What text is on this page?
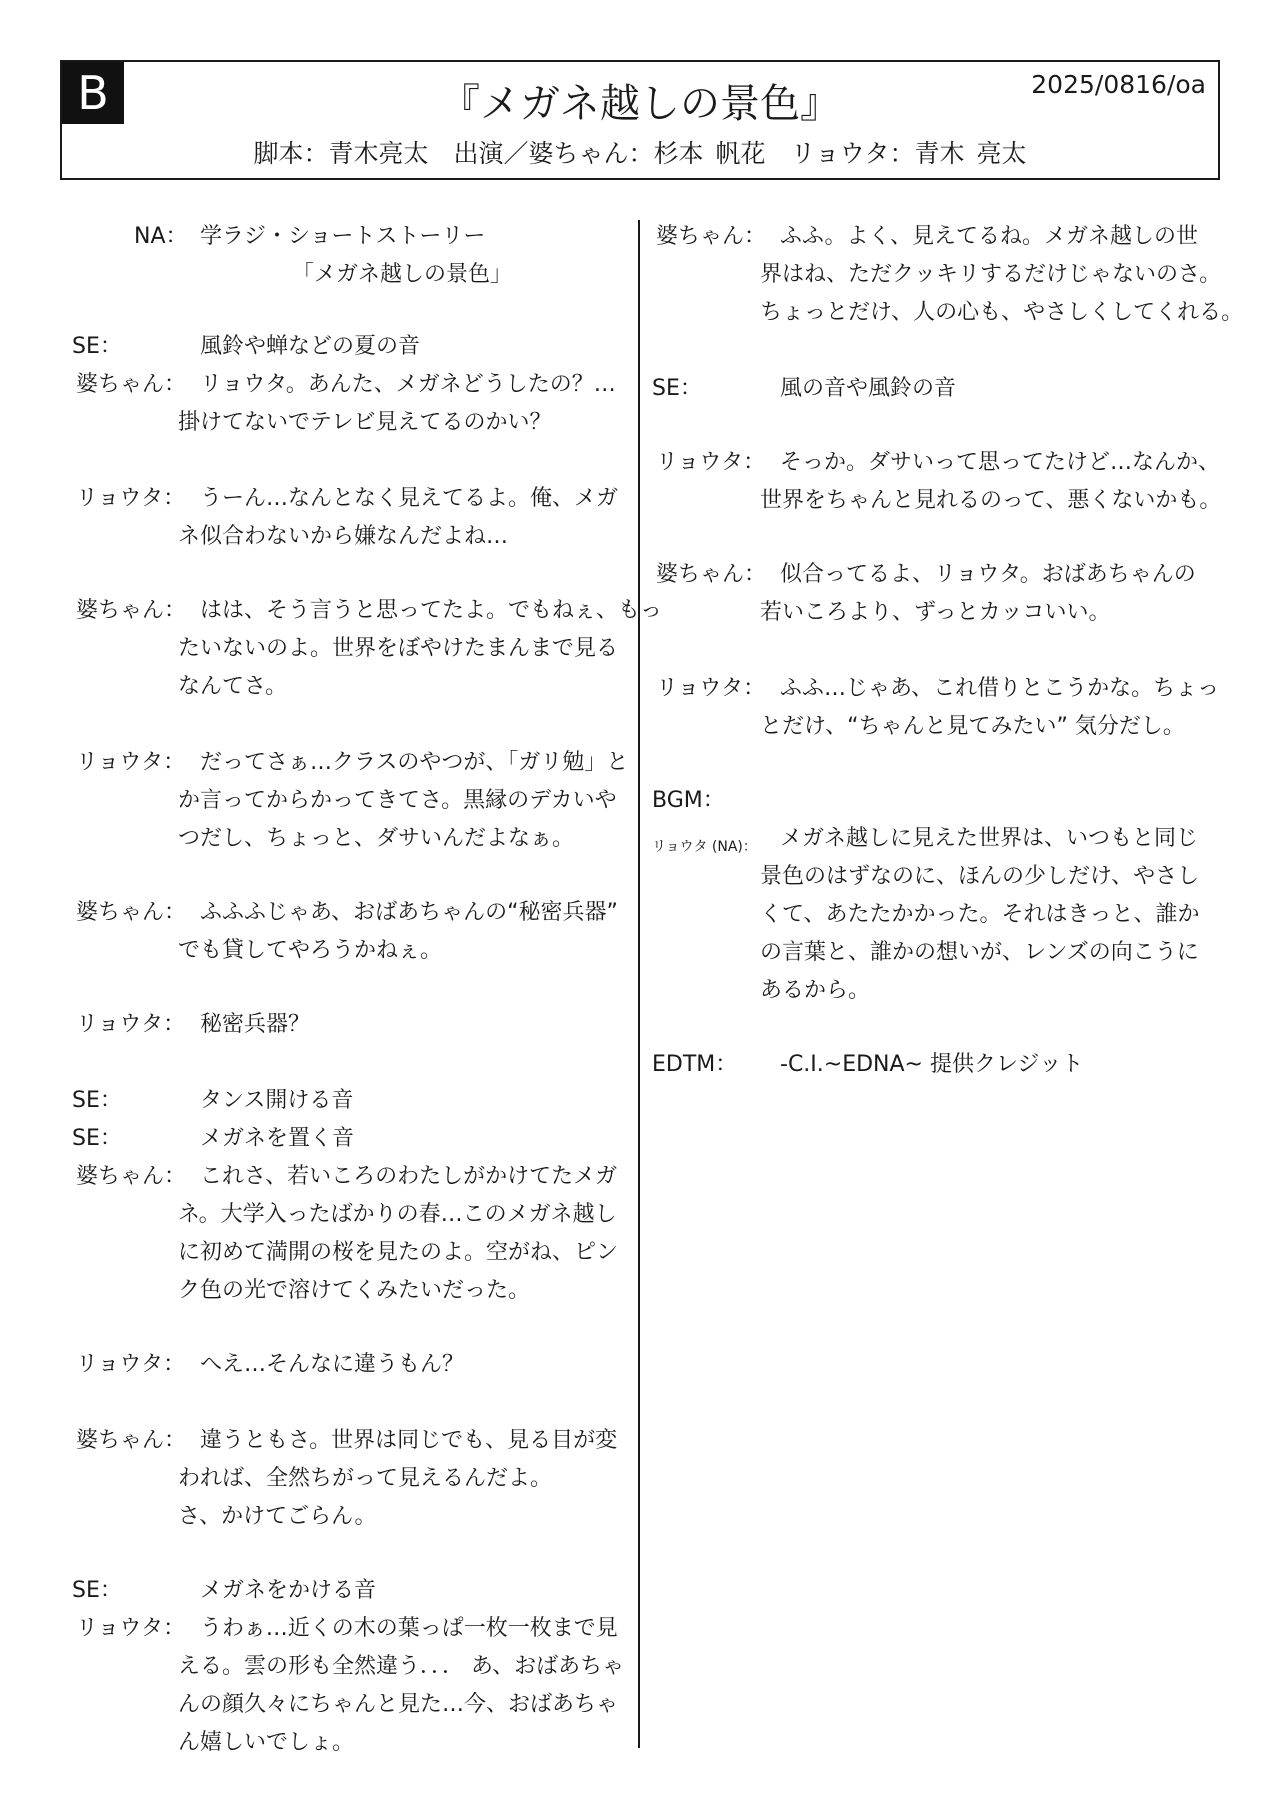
B	『メガネ越しの景色』	2025/0816/oa
脚本：青木亮太　出演／婆ちゃん：杉本 帆花　リョウタ：青木 亮太
NA： 学ラジ・ショートストーリー
「メガネ越しの景色」
SE：	風鈴や蝉などの夏の音
婆ちゃん： リョウタ。あんた、メガネどうしたの？…
掛けてないでテレビ見えてるのかい？
リョウタ： うーん…なんとなく見えてるよ。俺、メガ
ネ似合わないから嫌なんだよね…
婆ちゃん： はは、そう言うと思ってたよ。でもねぇ、もっ
たいないのよ。世界をぼやけたまんまで見る
なんてさ。
リョウタ： だってさぁ…クラスのやつが、「ガリ勉」と
か言ってからかってきてさ。黒縁のデカいや
つだし、ちょっと、ダサいんだよなぁ。
婆ちゃん： ふふふじゃあ、おばあちゃんの“秘密兵器”
でも貸してやろうかねぇ。
リョウタ： 秘密兵器？
SE：	タンス開ける音
SE：	メガネを置く音
婆ちゃん： これさ、若いころのわたしがかけてたメガ
ネ。大学入ったばかりの春…このメガネ越し
に初めて満開の桜を見たのよ。空がね、ピン
ク色の光で溶けてくみたいだった。
リョウタ： へえ…そんなに違うもん？
婆ちゃん： 違うともさ。世界は同じでも、見る目が変
われば、全然ちがって見えるんだよ。
さ、かけてごらん。
SE：	メガネをかける音
リョウタ： うわぁ…近くの木の葉っぱ一枚一枚まで見
える。雲の形も全然違う．．． あ、おばあちゃ
んの顔久々にちゃんと見た…今、おばあちゃ
ん嬉しいでしょ。
婆ちゃん： ふふ。よく、見えてるね。メガネ越しの世
界はね、ただクッキリするだけじゃないのさ。
ちょっとだけ、人の心も、やさしくしてくれる。
SE：	風の音や風鈴の音
リョウタ： そっか。ダサいって思ってたけど…なんか、
世界をちゃんと見れるのって、悪くないかも。
婆ちゃん： 似合ってるよ、リョウタ。おばあちゃんの
若いころより、ずっとカッコいい。
リョウタ： ふふ…じゃあ、これ借りとこうかな。ちょっ
とだけ、“ちゃんと見てみたい” 気分だし。
BGM：
リョウタ (NA)： メガネ越しに見えた世界は、いつもと同じ
景色のはずなのに、ほんの少しだけ、やさし
くて、あたたかかった。それはきっと、誰か
の言葉と、誰かの想いが、レンズの向こうに
あるから。
EDTM： -C.I.~EDNA~ 提供クレジット
